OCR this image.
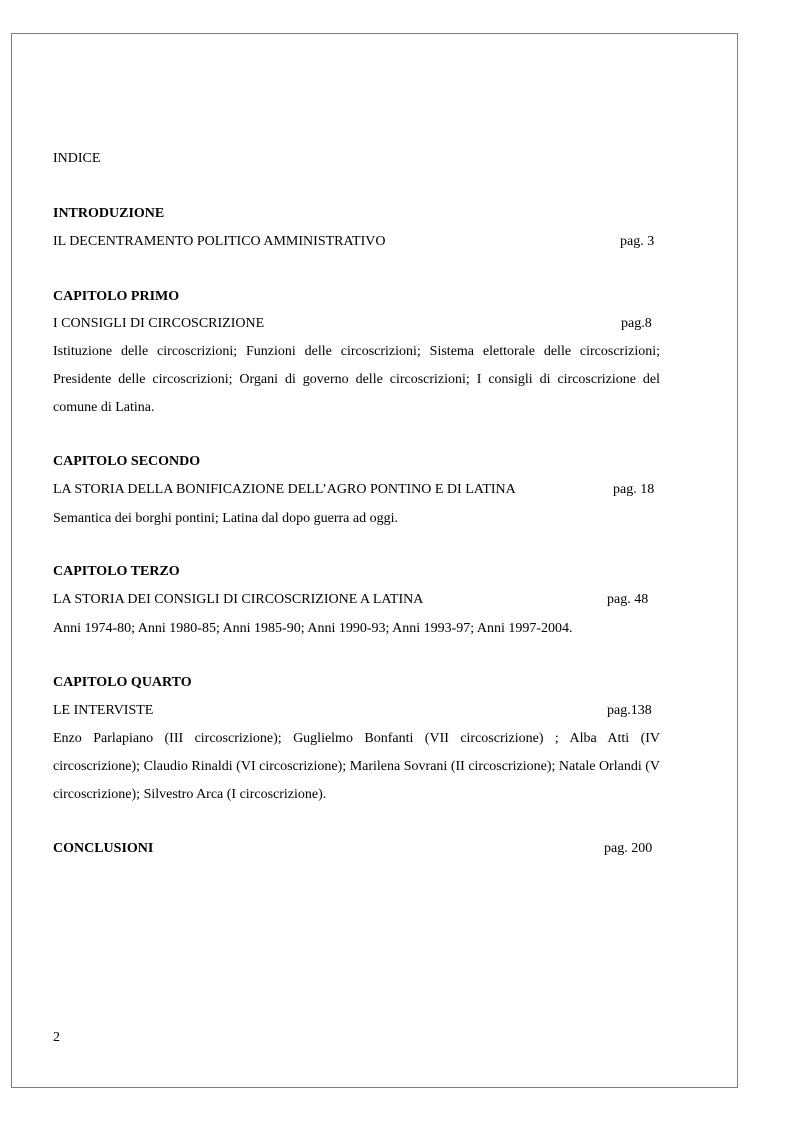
INDICE
INTRODUZIONE
IL DECENTRAMENTO POLITICO AMMINISTRATIVO	pag. 3
CAPITOLO PRIMO
I CONSIGLI DI CIRCOSCRIZIONE	pag.8
Istituzione delle circoscrizioni; Funzioni delle circoscrizioni; Sistema elettorale delle circoscrizioni; Presidente delle circoscrizioni; Organi di governo delle circoscrizioni; I consigli di circoscrizione del comune di Latina.
CAPITOLO SECONDO
LA STORIA DELLA BONIFICAZIONE DELL’AGRO PONTINO E DI LATINA	pag. 18
Semantica dei borghi pontini; Latina dal dopo guerra ad oggi.
CAPITOLO TERZO
LA STORIA DEI CONSIGLI DI CIRCOSCRIZIONE A LATINA	pag. 48
Anni 1974-80; Anni 1980-85; Anni 1985-90; Anni 1990-93; Anni 1993-97; Anni 1997-2004.
CAPITOLO QUARTO
LE INTERVISTE	pag.138
Enzo Parlapiano (III circoscrizione); Guglielmo Bonfanti (VII circoscrizione) ; Alba Atti (IV circoscrizione); Claudio Rinaldi (VI circoscrizione); Marilena Sovrani (II circoscrizione); Natale Orlandi (V circoscrizione); Silvestro Arca (I circoscrizione).
CONCLUSIONI	pag. 200
2
